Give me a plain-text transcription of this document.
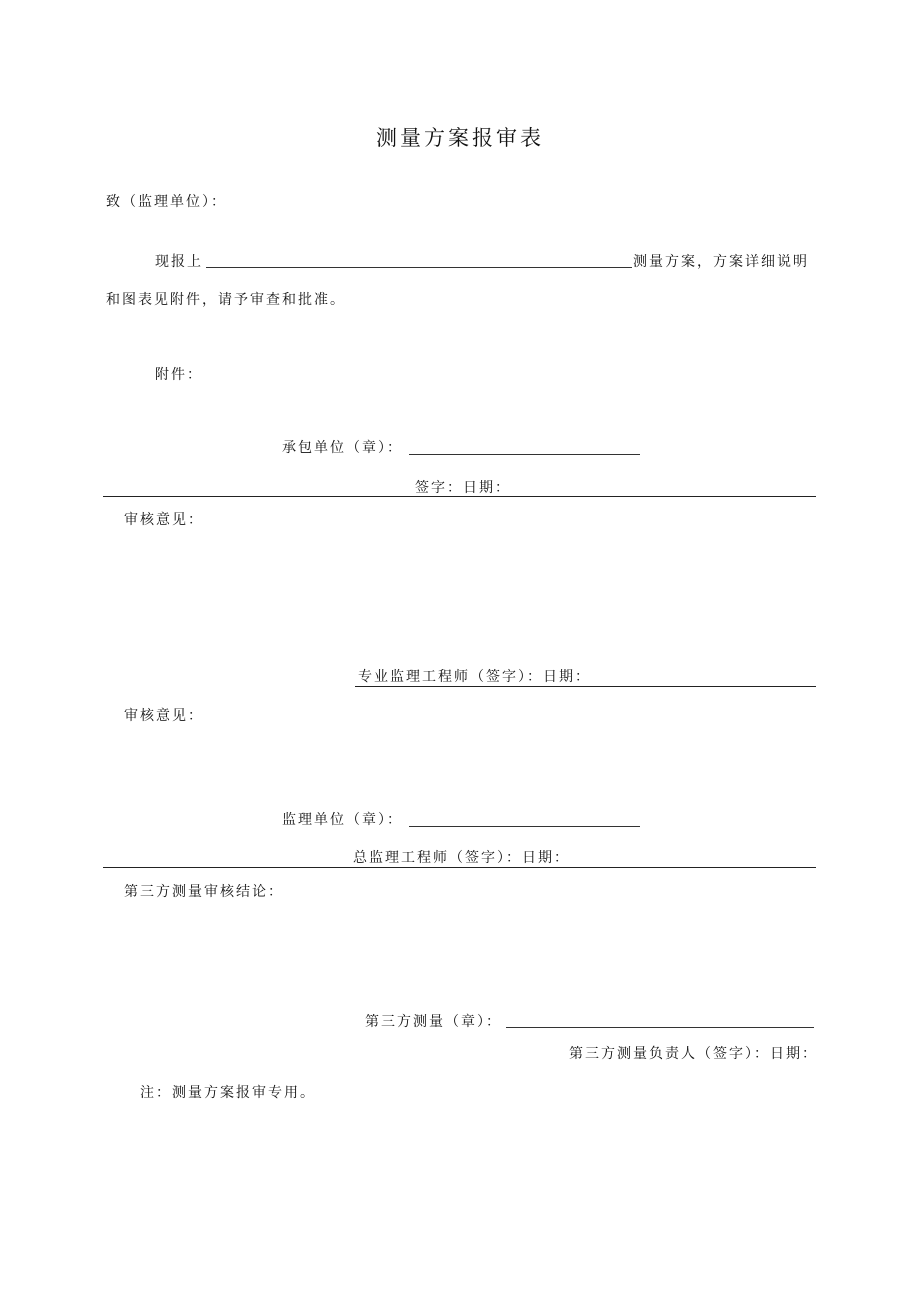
测量方案报审表
致（监理单位）：
现报上	测量方案，方案详细说明
和图表见附件，请予审查和批准。
附件：
承包单位（章）：
签字：日期：
审核意见：
专业监理工程师（签字）：日期：
审核意见：
监理单位（章）：
总监理工程师（签字）：日期：
第三方测量审核结论：
第三方测量（章）：
第三方测量负责人（签字）：日期：
注：测量方案报审专用。
